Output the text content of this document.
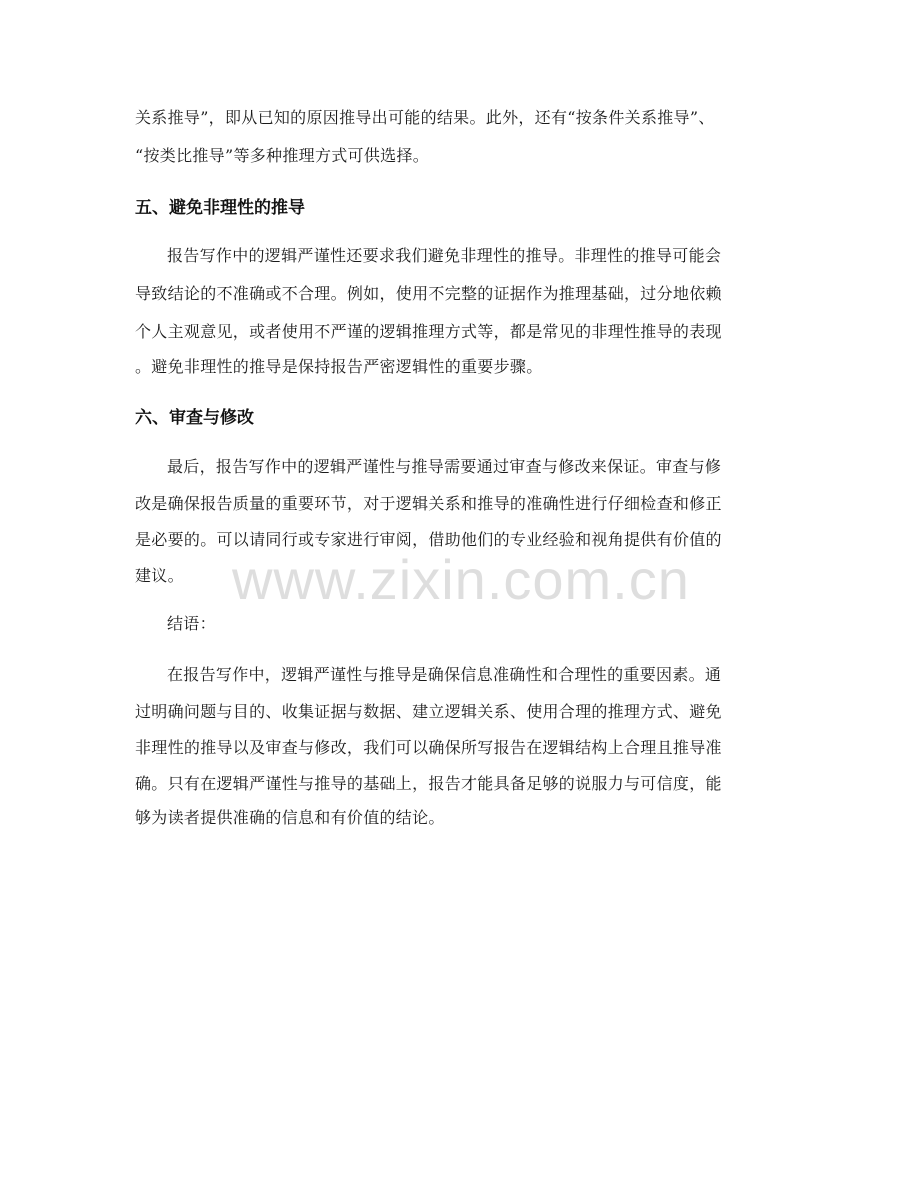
关系推导”，即从已知的原因推导出可能的结果。此外，还有“按条件关系推导”、
“按类比推导”等多种推理方式可供选择。
五、避免非理性的推导
报告写作中的逻辑严谨性还要求我们避免非理性的推导。非理性的推导可能会
导致结论的不准确或不合理。例如，使用不完整的证据作为推理基础，过分地依赖
个人主观意见，或者使用不严谨的逻辑推理方式等，都是常见的非理性推导的表现
。避免非理性的推导是保持报告严密逻辑性的重要步骤。
六、审查与修改
最后，报告写作中的逻辑严谨性与推导需要通过审查与修改来保证。审查与修
改是确保报告质量的重要环节，对于逻辑关系和推导的准确性进行仔细检查和修正
是必要的。可以请同行或专家进行审阅，借助他们的专业经验和视角提供有价值的
建议。
结语：
在报告写作中，逻辑严谨性与推导是确保信息准确性和合理性的重要因素。通
过明确问题与目的、收集证据与数据、建立逻辑关系、使用合理的推理方式、避免
非理性的推导以及审查与修改，我们可以确保所写报告在逻辑结构上合理且推导准
确。只有在逻辑严谨性与推导的基础上，报告才能具备足够的说服力与可信度，能
够为读者提供准确的信息和有价值的结论。
www.zixin.com.cn
